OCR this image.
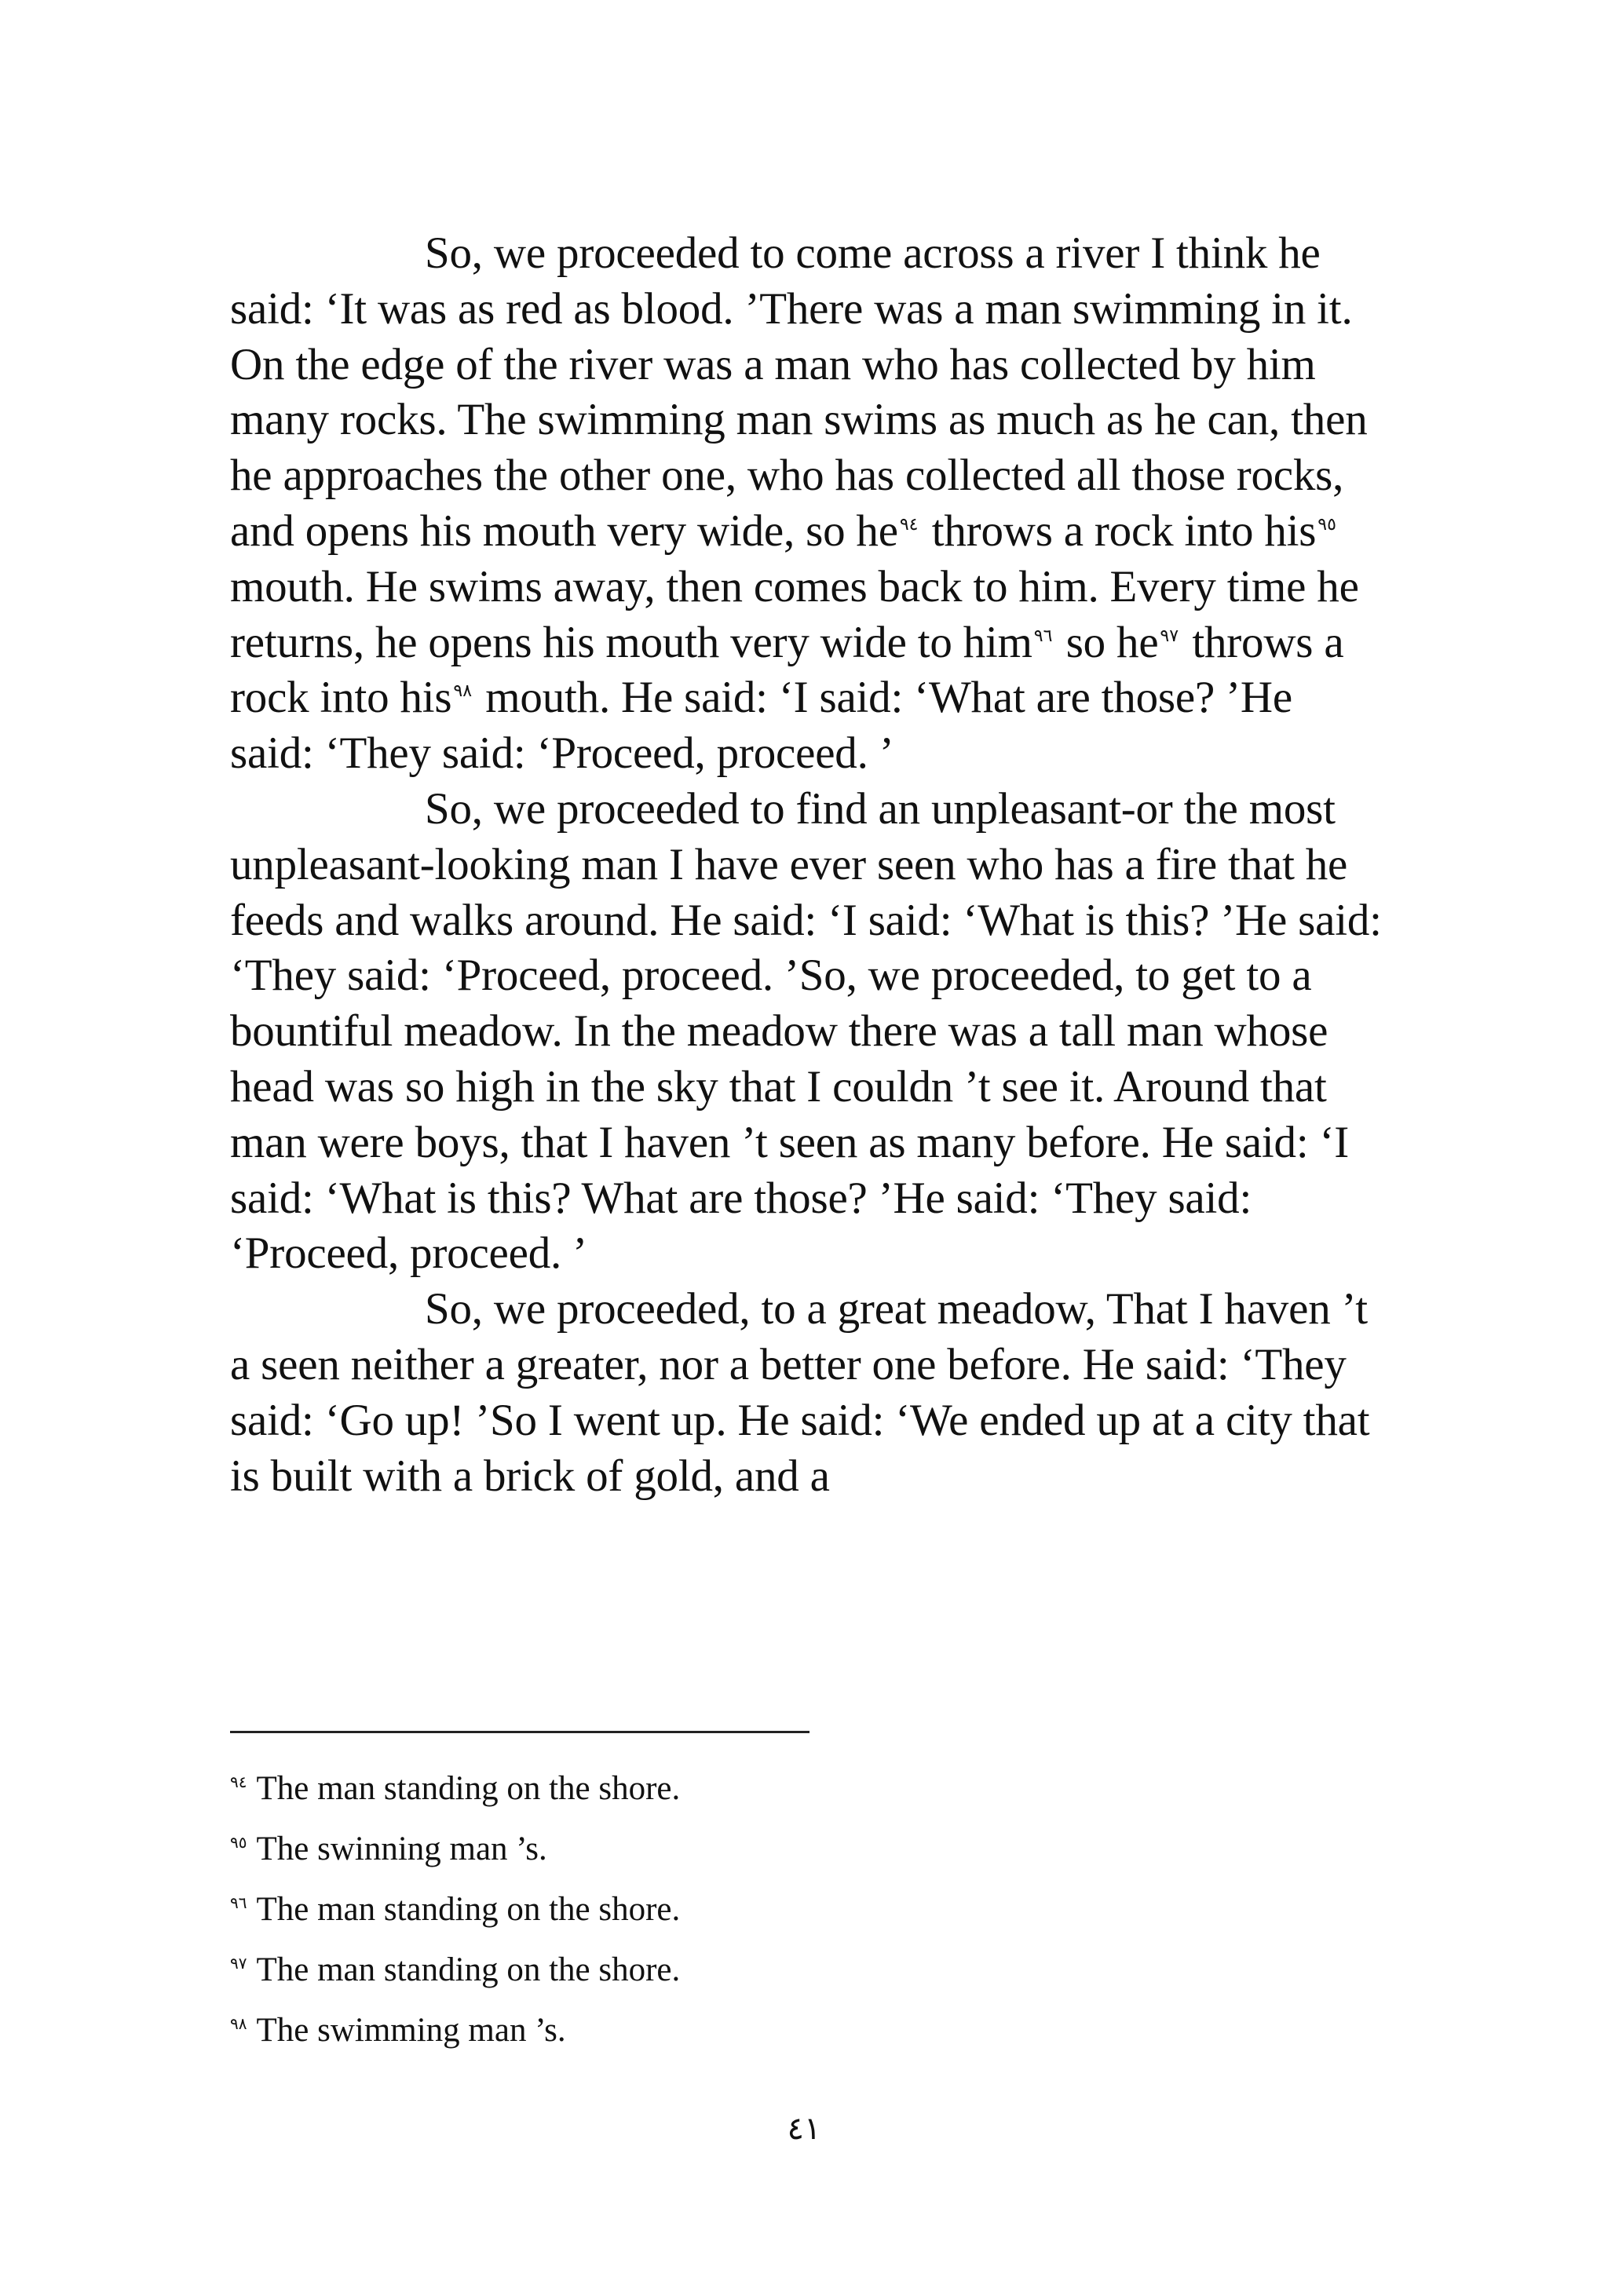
So, we proceeded to come across a river I think he said: ‘It was as red as blood. ’There was a man swimming in it. On the edge of the river was a man who has collected by him many rocks. The swimming man swims as much as he can, then he approaches the other one, who has collected all those rocks, and opens his mouth very wide, so he$^{٩٤}$ throws a rock into his$^{٩٥}$ mouth. He swims away, then comes back to him. Every time he returns, he opens his mouth very wide to him$^{٩٦}$ so he$^{٩٧}$ throws a rock into his$^{٩٨}$ mouth. He said: ‘I said: ‘What are those? ’He said: ‘They said: ‘Proceed, proceed. ’

So, we proceeded to find an unpleasant-or the most unpleasant-looking man I have ever seen who has a fire that he feeds and walks around. He said: ‘I said: ‘What is this? ’He said: ‘They said: ‘Proceed, proceed. ’So, we proceeded, to get to a bountiful meadow. In the meadow there was a tall man whose head was so high in the sky that I couldn ’t see it. Around that man were boys, that I haven ’t seen as many before. He said: ‘I said: ‘What is this? What are those? ’He said: ‘They said: ‘Proceed, proceed. ’

So, we proceeded, to a great meadow, That I haven ’t a seen neither a greater, nor a better one before. He said: ‘They said: ‘Go up! ’So I went up. He said: ‘We ended up at a city that is built with a brick of gold, and a

$^{٩٤}$ The man standing on the shore.

$^{٩٥}$ The swinning man ’s.

$^{٩٦}$ The man standing on the shore.

$^{٩٧}$ The man standing on the shore.

$^{٩٨}$ The swimming man ’s.

٤١
